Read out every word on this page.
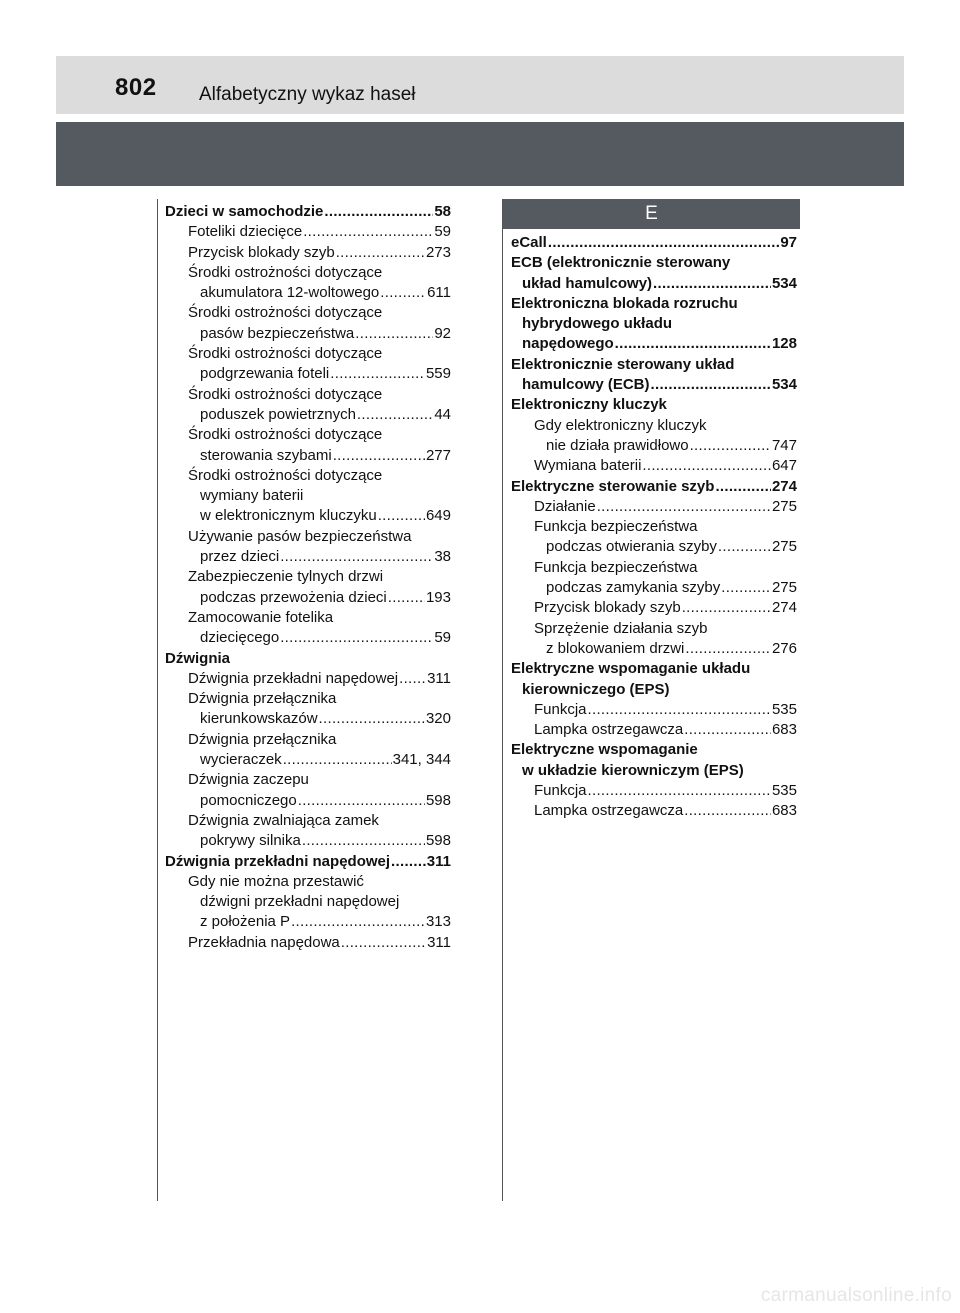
802 Alfabetyczny wykaz haseł
E
Dzieci w samochodzie .....	58
Foteliki dziecięce .....	59
Przycisk blokady szyb .....	273
Środki ostrożności dotyczące
akumulatora 12-woltowego .....	611
Środki ostrożności dotyczące
pasów bezpieczeństwa .....	92
Środki ostrożności dotyczące
podgrzewania foteli .....	559
Środki ostrożności dotyczące
poduszek powietrznych .....	44
Środki ostrożności dotyczące
sterowania szybami .....	277
Środki ostrożności dotyczące
wymiany baterii
w elektronicznym kluczyku .....	649
Używanie pasów bezpieczeństwa
przez dzieci .....	38
Zabezpieczenie tylnych drzwi
podczas przewożenia dzieci .....	193
Zamocowanie fotelika
dziecięcego .....	59
Dźwignia
Dźwignia przekładni napędowej ..... 311
Dźwignia przełącznika
kierunkowskazów .....	320
Dźwignia przełącznika
wycieraczek .....	341, 344
Dźwignia zaczepu
pomocniczego .....	598
Dźwignia zwalniająca zamek
pokrywy silnika .....	598
Dźwignia przekładni napędowej ..... 311
Gdy nie można przestawić
dźwigni przekładni napędowej
z położenia P .....	313
Przekładnia napędowa .....	311
eCall .....	97
ECB (elektronicznie sterowany
układ hamulcowy) .....	534
Elektroniczna blokada rozruchu
hybrydowego układu
napędowego .....	128
Elektronicznie sterowany układ
hamulcowy (ECB) .....	534
Elektroniczny kluczyk
Gdy elektroniczny kluczyk
nie działa prawidłowo .....	747
Wymiana baterii .....	647
Elektryczne sterowanie szyb .....	274
Działanie .....	275
Funkcja bezpieczeństwa
podczas otwierania szyby .....	275
Funkcja bezpieczeństwa
podczas zamykania szyby .....	275
Przycisk blokady szyb .....	274
Sprzężenie działania szyb
z blokowaniem drzwi .....	276
Elektryczne wspomaganie układu
kierowniczego (EPS)
Funkcja .....	535
Lampka ostrzegawcza .....	683
Elektryczne wspomaganie
w układzie kierowniczym (EPS)
Funkcja .....	535
Lampka ostrzegawcza .....	683
carmanualsonline.info
